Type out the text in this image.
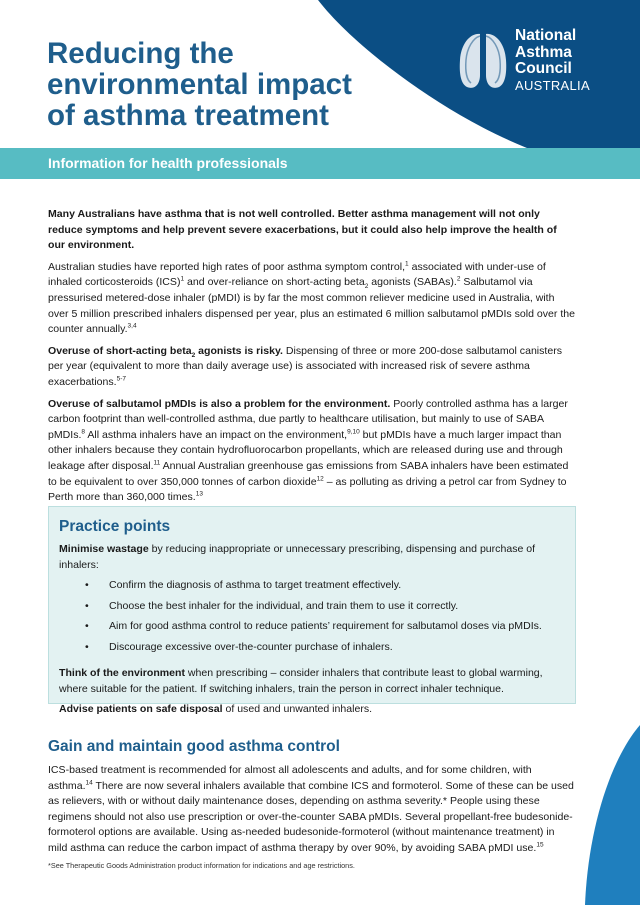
Reducing the
environmental impact
of asthma treatment
National
Asthma
Council
AUSTRALIA
Information for health professionals

Many Australians have asthma that is not well controlled. Better asthma management will not only reduce symptoms and help prevent severe exacerbations, but it could also help improve the health of our environment.

Australian studies have reported high rates of poor asthma symptom control,$^1$ associated with under-use of inhaled corticosteroids (ICS)$^1$ and over-reliance on short-acting beta$_2$ agonists (SABAs).$^2$ Salbutamol via pressurised metered-dose inhaler (pMDI) is by far the most common reliever medicine used in Australia, with over 5 million prescribed inhalers dispensed per year, plus an estimated 6 million salbutamol pMDIs sold over the counter annually.$^{3,4}$

Overuse of short-acting beta$_2$ agonists is risky. Dispensing of three or more 200-dose salbutamol canisters per year (equivalent to more than daily average use) is associated with increased risk of severe asthma exacerbations.$^{5-7}$

Overuse of salbutamol pMDIs is also a problem for the environment. Poorly controlled asthma has a larger carbon footprint than well-controlled asthma, due partly to healthcare utilisation, but mainly to use of SABA pMDIs.$^8$ All asthma inhalers have an impact on the environment,$^{9,10}$ but pMDIs have a much larger impact than other inhalers because they contain hydrofluorocarbon propellants, which are released during use and through leakage after disposal.$^{11}$ Annual Australian greenhouse gas emissions from SABA inhalers have been estimated to be equivalent to over 350,000 tonnes of carbon dioxide$^{12}$ – as polluting as driving a petrol car from Sydney to Perth more than 360,000 times.$^{13}$

Practice points

Minimise wastage by reducing inappropriate or unnecessary prescribing, dispensing and purchase of inhalers:

• Confirm the diagnosis of asthma to target treatment effectively.
• Choose the best inhaler for the individual, and train them to use it correctly.
• Aim for good asthma control to reduce patients’ requirement for salbutamol doses via pMDIs.
• Discourage excessive over-the-counter purchase of inhalers.

Think of the environment when prescribing – consider inhalers that contribute least to global warming, where suitable for the patient. If switching inhalers, train the person in correct inhaler technique.

Advise patients on safe disposal of used and unwanted inhalers.

Gain and maintain good asthma control

ICS-based treatment is recommended for almost all adolescents and adults, and for some children, with asthma.$^{14}$ There are now several inhalers available that combine ICS and formoterol. Some of these can be used as relievers, with or without daily maintenance doses, depending on asthma severity.* People using these regimens should not also use prescription or over-the-counter SABA pMDIs. Several propellant-free budesonide-formoterol options are available. Using as-needed budesonide-formoterol (without maintenance treatment) in mild asthma can reduce the carbon impact of asthma therapy by over 90%, by avoiding SABA pMDI use.$^{15}$

*See Therapeutic Goods Administration product information for indications and age restrictions.
